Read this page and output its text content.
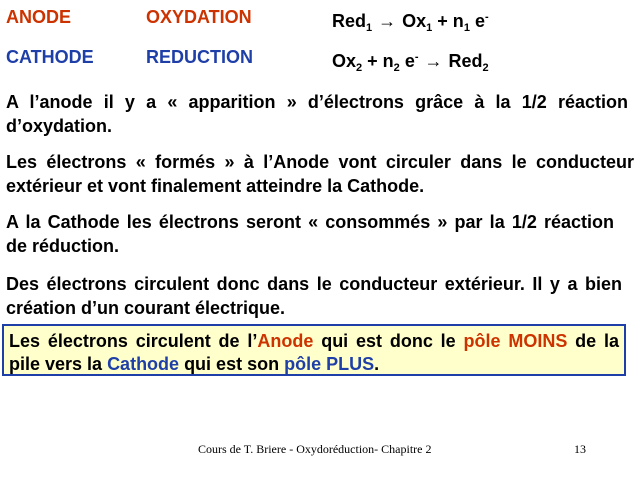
ANODE	OXYDATION	$Red_1 \to Ox_1 + n_1$ e-
CATHODE	REDUCTION	$Ox_2 + n_2$ e- → Red$_2$

A l’anode il y a « apparition » d’électrons grâce à la 1/2 réaction d’oxydation.

Les électrons « formés » à l’Anode vont circuler dans le conducteur extérieur et vont finalement atteindre la Cathode.

A la Cathode les électrons seront « consommés » par la 1/2 réaction de réduction.

Des électrons circulent donc dans le conducteur extérieur. Il y a bien création d’un courant électrique.

Les électrons circulent de l’Anode qui est donc le pôle MOINS de la pile vers la Cathode qui est son pôle PLUS.
Cours de T. Briere - Oxydoréduction- Chapitre 2	13
